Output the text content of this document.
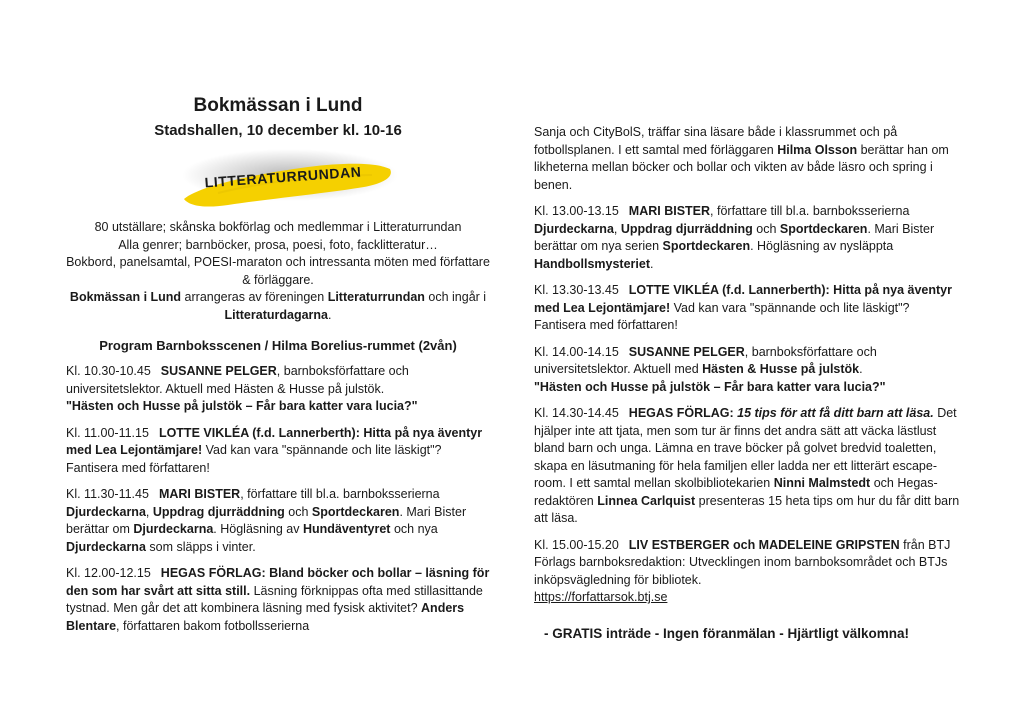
Bokmässan i Lund
Stadshallen, 10 december kl. 10-16
LITTERATURRUNDAN

80 utställare; skånska bokförlag och medlemmar i Litteraturrundan

Alla genrer; barnböcker, prosa, poesi, foto, facklitteratur…

Bokbord, panelsamtal, POESI-maraton och intressanta möten med författare & förläggare.

Bokmässan i Lund arrangeras av föreningen Litteraturrundan och ingår i Litteraturdagarna.

Program Barnboksscenen / Hilma Borelius-rummet (2vån)

Kl. 10.30-10.45 SUSANNE PELGER, barnboksförfattare och universitetslektor. Aktuell med Hästen & Husse på julstök.
"Hästen och Husse på julstök – Får bara katter vara lucia?"

Kl. 11.00-11.15 LOTTE VIKLÉA (f.d. Lannerberth): Hitta på nya äventyr med Lea Lejontämjare! Vad kan vara "spännande och lite läskigt"? Fantisera med författaren!

Kl. 11.30-11.45 MARI BISTER, författare till bl.a. barnboksserierna Djurdeckarna, Uppdrag djurräddning och Sportdeckaren. Mari Bister berättar om Djurdeckarna. Högläsning av Hundäventyret och nya Djurdeckarna som släpps i vinter.

Kl. 12.00-12.15 HEGAS FÖRLAG: Bland böcker och bollar – läsning för den som har svårt att sitta still. Läsning förknippas ofta med stillasittande tystnad. Men går det att kombinera läsning med fysisk aktivitet? Anders Blentare, författaren bakom fotbollsserierna

Sanja och CityBolS, träffar sina läsare både i klassrummet och på fotbollsplanen. I ett samtal med förläggaren Hilma Olsson berättar han om likheterna mellan böcker och bollar och vikten av både läsro och spring i benen.

Kl. 13.00-13.15 MARI BISTER, författare till bl.a. barnboksserierna Djurdeckarna, Uppdrag djurräddning och Sportdeckaren. Mari Bister berättar om nya serien Sportdeckaren. Högläsning av nysläppta Handbollsmysteriet.

Kl. 13.30-13.45 LOTTE VIKLÉA (f.d. Lannerberth): Hitta på nya äventyr med Lea Lejontämjare! Vad kan vara "spännande och lite läskigt"? Fantisera med författaren!

Kl. 14.00-14.15 SUSANNE PELGER, barnboksförfattare och universitetslektor. Aktuell med Hästen & Husse på julstök.
"Hästen och Husse på julstök – Får bara katter vara lucia?"

Kl. 14.30-14.45 HEGAS FÖRLAG: 15 tips för att få ditt barn att läsa. Det hjälper inte att tjata, men som tur är finns det andra sätt att väcka lästlust bland barn och unga. Lämna en trave böcker på golvet bredvid toaletten, skapa en läsutmaning för hela familjen eller ladda ner ett litterärt escape-room. I ett samtal mellan skolbibliotekarien Ninni Malmstedt och Hegas-redaktören Linnea Carlquist presenteras 15 heta tips om hur du får ditt barn att läsa.

Kl. 15.00-15.20 LIV ESTBERGER och MADELEINE GRIPSTEN från BTJ Förlags barnboksredaktion: Utvecklingen inom barnboksområdet och BTJs inköpsvägledning för bibliotek.
https://forfattarsok.btj.se

- GRATIS inträde - Ingen föranmälan - Hjärtligt välkomna!
